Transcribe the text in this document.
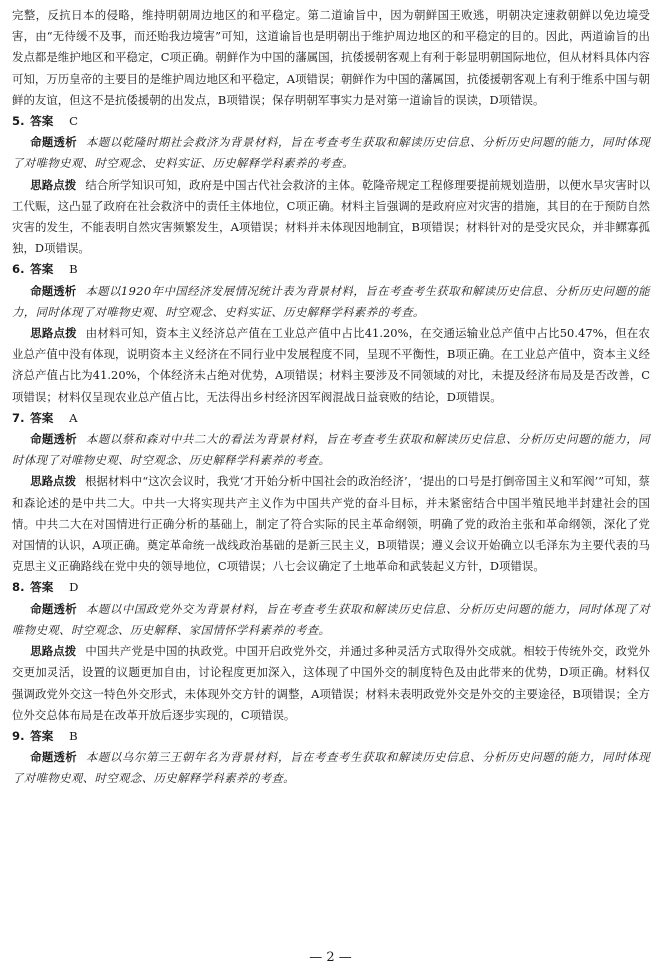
完整，反抗日本的侵略，维持明朝周边地区的和平稳定。第二道谕旨中，因为朝鲜国王败逃，明朝决定速救朝鲜以免边境受害，由“无待缓不及事，而还贻我边境害”可知，这道谕旨也是明朝出于维护周边地区的和平稳定的目的。因此，两道谕旨的出发点都是维护地区和平稳定，C项正确。朝鲜作为中国的藩属国，抗倭援朝客观上有利于彰显明朝国际地位，但从材料具体内容可知，万历皇帝的主要目的是维护周边地区和平稳定，A项错误；朝鲜作为中国的藩属国，抗倭援朝客观上有利于维系中国与朝鲜的友谊，但这不是抗倭援朝的出发点，B项错误；保存明朝军事实力是对第一道谕旨的误读，D项错误。

5. 答案 C

命题透析 本题以乾隆时期社会救济为背景材料，旨在考查考生获取和解读历史信息、分析历史问题的能力，同时体现了对唯物史观、时空观念、史料实证、历史解释学科素养的考查。

思路点拨 结合所学知识可知，政府是中国古代社会救济的主体。乾隆帝规定工程修理要提前规划造册，以便水旱灾害时以工代赈，这凸显了政府在社会救济中的责任主体地位，C项正确。材料主旨强调的是政府应对灾害的措施，其目的在于预防自然灾害的发生，不能表明自然灾害频繁发生，A项错误；材料并未体现因地制宜，B项错误；材料针对的是受灾民众，并非鳏寡孤独，D项错误。

6. 答案 B

命题透析 本题以1920年中国经济发展情况统计表为背景材料，旨在考查考生获取和解读历史信息、分析历史问题的能力，同时体现了对唯物史观、时空观念、史料实证、历史解释学科素养的考查。

思路点拨 由材料可知，资本主义经济总产值在工业总产值中占比41.20%，在交通运输业总产值中占比50.47%，但在农业总产值中没有体现，说明资本主义经济在不同行业中发展程度不同，呈现不平衡性，B项正确。在工业总产值中，资本主义经济总产值占比为41.20%，个体经济未占绝对优势，A项错误；材料主要涉及不同领域的对比，未提及经济布局及是否改善，C项错误；材料仅呈现农业总产值占比，无法得出乡村经济因军阀混战日益衰败的结论，D项错误。

7. 答案 A

命题透析 本题以蔡和森对中共二大的看法为背景材料，旨在考查考生获取和解读历史信息、分析历史问题的能力，同时体现了对唯物史观、时空观念、历史解释学科素养的考查。

思路点拨 根据材料中“这次会议时，我党‘才开始分析中国社会的政治经济’，‘提出的口号是打倒帝国主义和军阀’”可知，蔡和森论述的是中共二大。中共一大将实现共产主义作为中国共产党的奋斗目标，并未紧密结合中国半殖民地半封建社会的国情。中共二大在对国情进行正确分析的基础上，制定了符合实际的民主革命纲领，明确了党的政治主张和革命纲领，深化了党对国情的认识，A项正确。奠定革命统一战线政治基础的是新三民主义，B项错误；遵义会议开始确立以毛泽东为主要代表的马克思主义正确路线在党中央的领导地位，C项错误；八七会议确定了土地革命和武装起义方针，D项错误。

8. 答案 D

命题透析 本题以中国政党外交为背景材料，旨在考查考生获取和解读历史信息、分析历史问题的能力，同时体现了对唯物史观、时空观念、历史解释、家国情怀学科素养的考查。

思路点拨 中国共产党是中国的执政党。中国开启政党外交，并通过多种灵活方式取得外交成就。相较于传统外交，政党外交更加灵活，设置的议题更加自由，讨论程度更加深入，这体现了中国外交的制度特色及由此带来的优势，D项正确。材料仅强调政党外交这一特色外交形式，未体现外交方针的调整，A项错误；材料未表明政党外交是外交的主要途径，B项错误；全方位外交总体布局是在改革开放后逐步实现的，C项错误。

9. 答案 B

命题透析 本题以乌尔第三王朝年名为背景材料，旨在考查考生获取和解读历史信息、分析历史问题的能力，同时体现了对唯物史观、时空观念、历史解释学科素养的考查。

— 2 —
